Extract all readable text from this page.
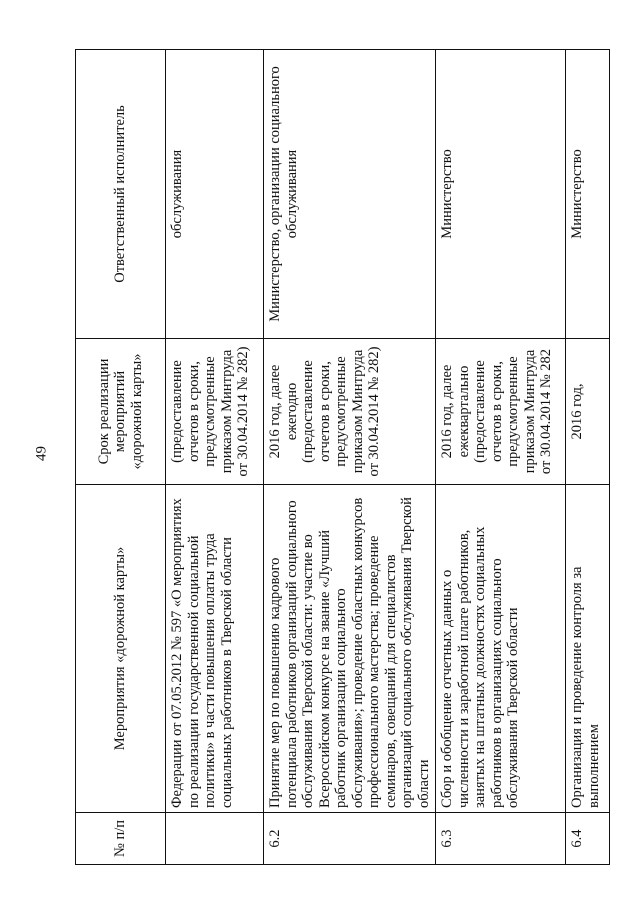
49
№ п/п	Мероприятия «дорожной карты»	Срок реализации мероприятий «дорожной карты»	Ответственный исполнитель
	Федерации от 07.05.2012 № 597 «О мероприятиях по реализации государственной социальной политики» в части повышения оплаты труда социальных работников в Тверской области	(предоставление отчетов в сроки, предусмотренные приказом Минтруда от 30.04.2014 № 282)	обслуживания
6.2	Принятие мер по повышению кадрового потенциала работников организаций социального обслуживания Тверской области: участие во Всероссийском конкурсе на звание «Лучший работник организации социального обслуживания»; проведение областных конкурсов профессионального мастерства; проведение семинаров, совещаний для специалистов организаций социального обслуживания Тверской области	2016 год, далее ежегодно (предоставление отчетов в сроки, предусмотренные приказом Минтруда от 30.04.2014 № 282)	Министерство, организации социального обслуживания
6.3	Сбор и обобщение отчетных данных о численности и заработной плате работников, занятых на штатных должностях социальных работников в организациях социального обслуживания Тверской области	2016 год, далее ежеквартально (предоставление отчетов в сроки, предусмотренные приказом Минтруда от 30.04.2014 № 282	Министерство
6.4	Организация и проведение контроля за выполнением	2016 год,	Министерство
